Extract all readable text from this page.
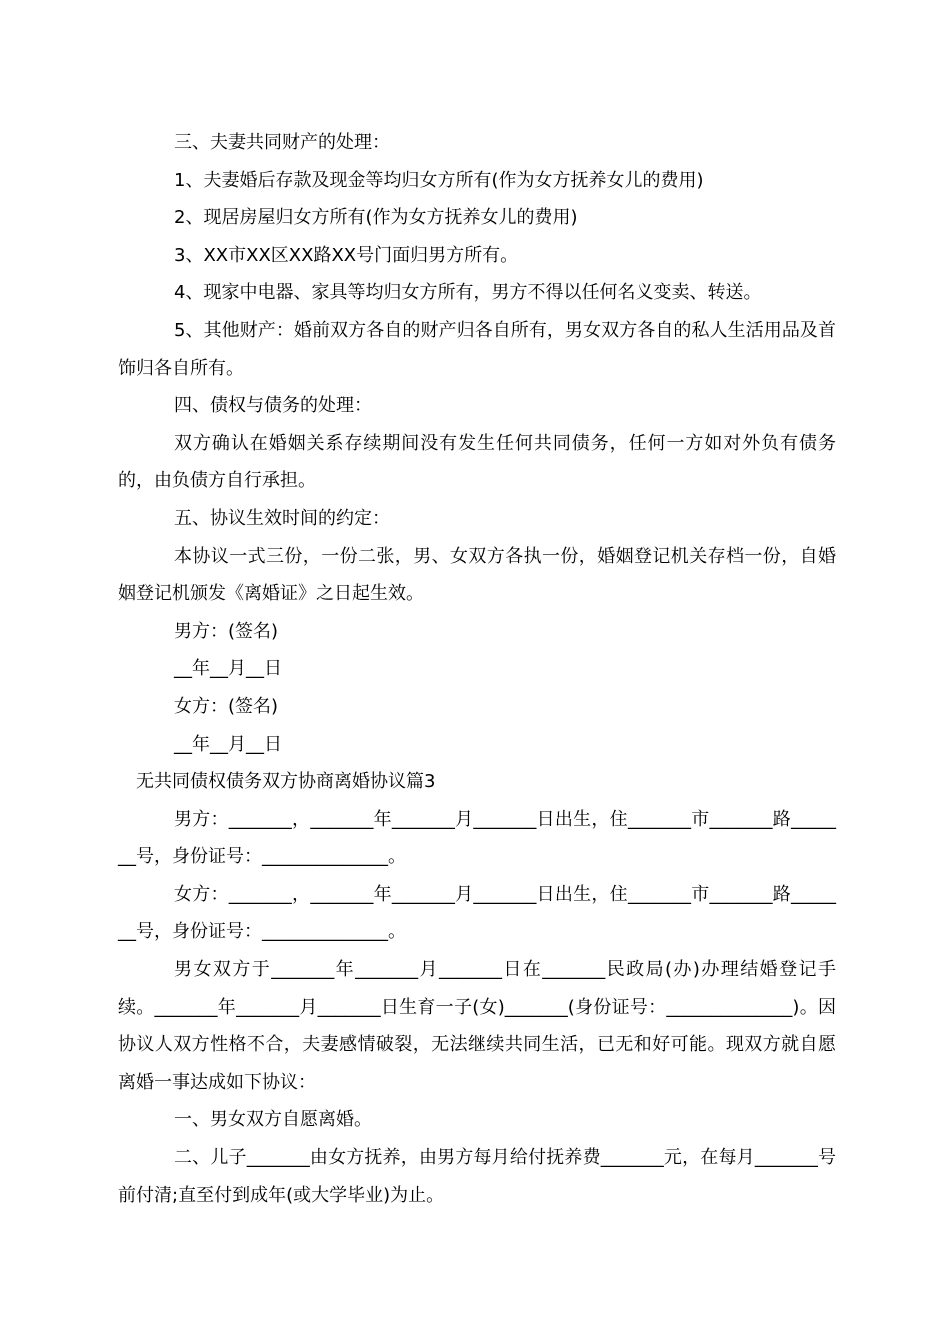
三、夫妻共同财产的处理：

1、夫妻婚后存款及现金等均归女方所有(作为女方抚养女儿的费用)

2、现居房屋归女方所有(作为女方抚养女儿的费用)

3、XX市XX区XX路XX号门面归男方所有。

4、现家中电器、家具等均归女方所有，男方不得以任何名义变卖、转送。

5、其他财产：婚前双方各自的财产归各自所有，男女双方各自的私人生活用品及首饰归各自所有。

四、债权与债务的处理：

双方确认在婚姻关系存续期间没有发生任何共同债务，任何一方如对外负有债务的，由负债方自行承担。

五、协议生效时间的约定：

本协议一式三份，一份二张，男、女双方各执一份，婚姻登记机关存档一份，自婚姻登记机颁发《离婚证》之日起生效。

男方：(签名)

__年__月__日

女方：(签名)

__年__月__日

无共同债权债务双方协商离婚协议篇3

男方：_______，_______年_______月_______日出生，住_______市_______路_______号，身份证号：______________。

女方：_______，_______年_______月_______日出生，住_______市_______路_______号，身份证号：______________。

男女双方于_______年_______月_______日在_______民政局(办)办理结婚登记手续。_______年_______月_______日生育一子(女)_______(身份证号：______________)。因协议人双方性格不合，夫妻感情破裂，无法继续共同生活，已无和好可能。现双方就自愿离婚一事达成如下协议：

一、男女双方自愿离婚。

二、儿子_______由女方抚养，由男方每月给付抚养费_______元，在每月_______号前付清;直至付到成年(或大学毕业)为止。
